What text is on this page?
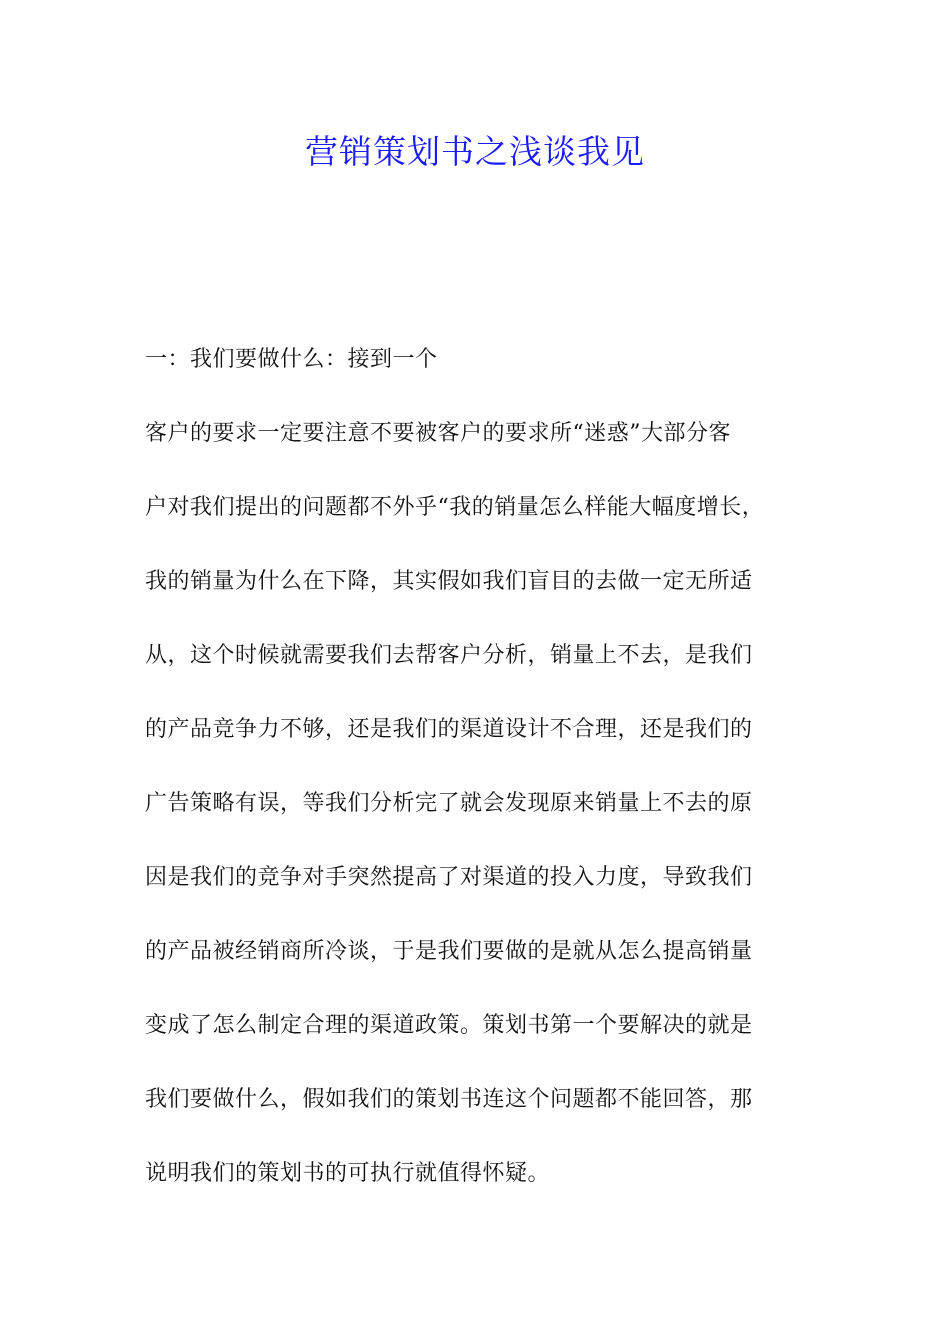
营销策划书之浅谈我见
一：我们要做什么：接到一个
客户的要求一定要注意不要被客户的要求所“迷惑”大部分客
户对我们提出的问题都不外乎“我的销量怎么样能大幅度增长，
我的销量为什么在下降，其实假如我们盲目的去做一定无所适
从，这个时候就需要我们去帮客户分析，销量上不去，是我们
的产品竞争力不够，还是我们的渠道设计不合理，还是我们的
广告策略有误，等我们分析完了就会发现原来销量上不去的原
因是我们的竞争对手突然提高了对渠道的投入力度，导致我们
的产品被经销商所冷谈，于是我们要做的是就从怎么提高销量
变成了怎么制定合理的渠道政策。策划书第一个要解决的就是
我们要做什么，假如我们的策划书连这个问题都不能回答，那
说明我们的策划书的可执行就值得怀疑。
